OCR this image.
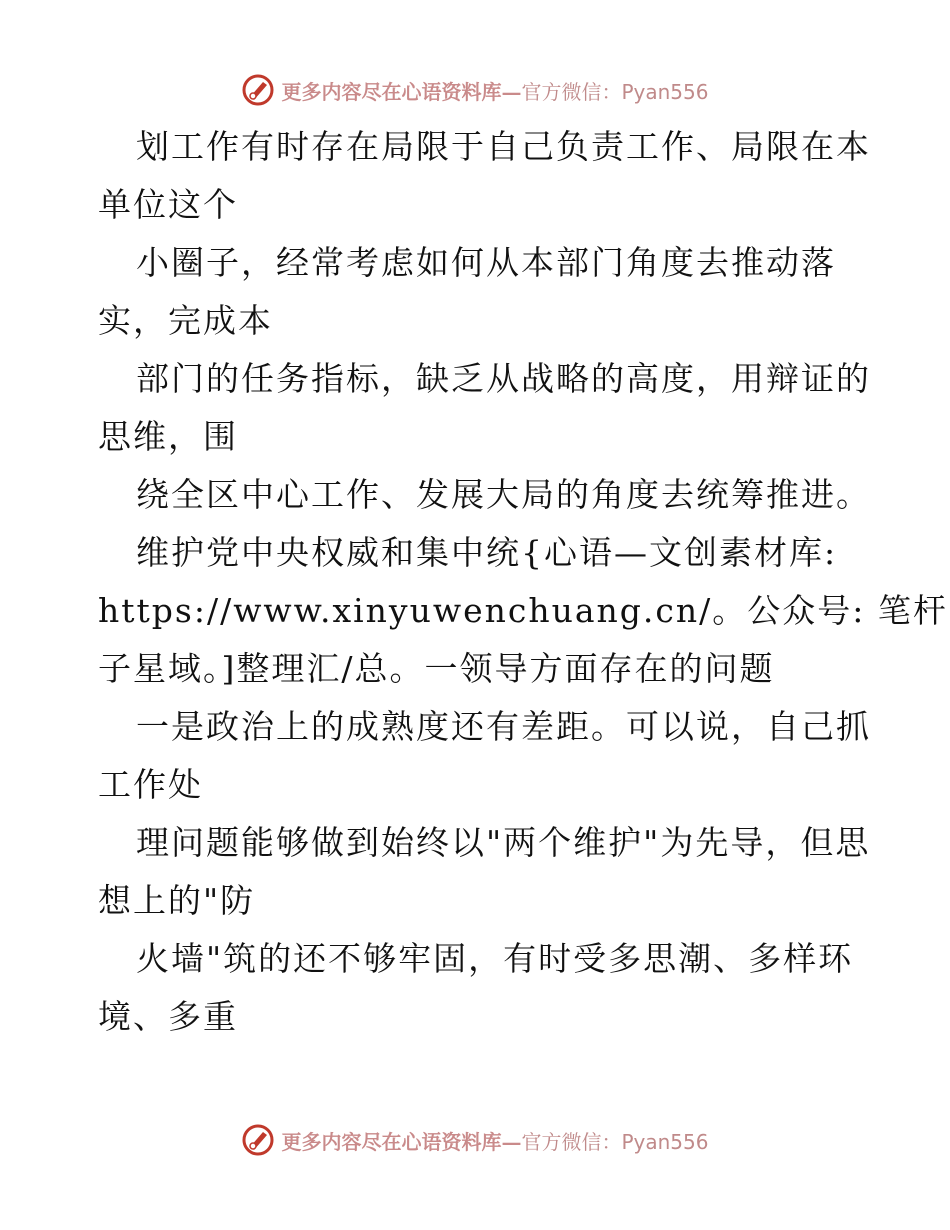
更多内容尽在心语资料库—官方微信：Pyan556
划工作有时存在局限于自己负责工作、局限在本
单位这个
小圈子，经常考虑如何从本部门角度去推动落
实，完成本
部门的任务指标，缺乏从战略的高度，用辩证的
思维，围
绕全区中心工作、发展大局的角度去统筹推进。
维护党中央权威和集中统{心语—文创素材库:
https://www.xinyuwenchuang.cn/。公众号: 笔杆
子星域。]整理汇/总。一领导方面存在的问题
一是政治上的成熟度还有差距。可以说，自己抓
工作处
理问题能够做到始终以"两个维护"为先导，但思
想上的"防
火墙"筑的还不够牢固，有时受多思潮、多样环
境、多重
更多内容尽在心语资料库—官方微信：Pyan556
